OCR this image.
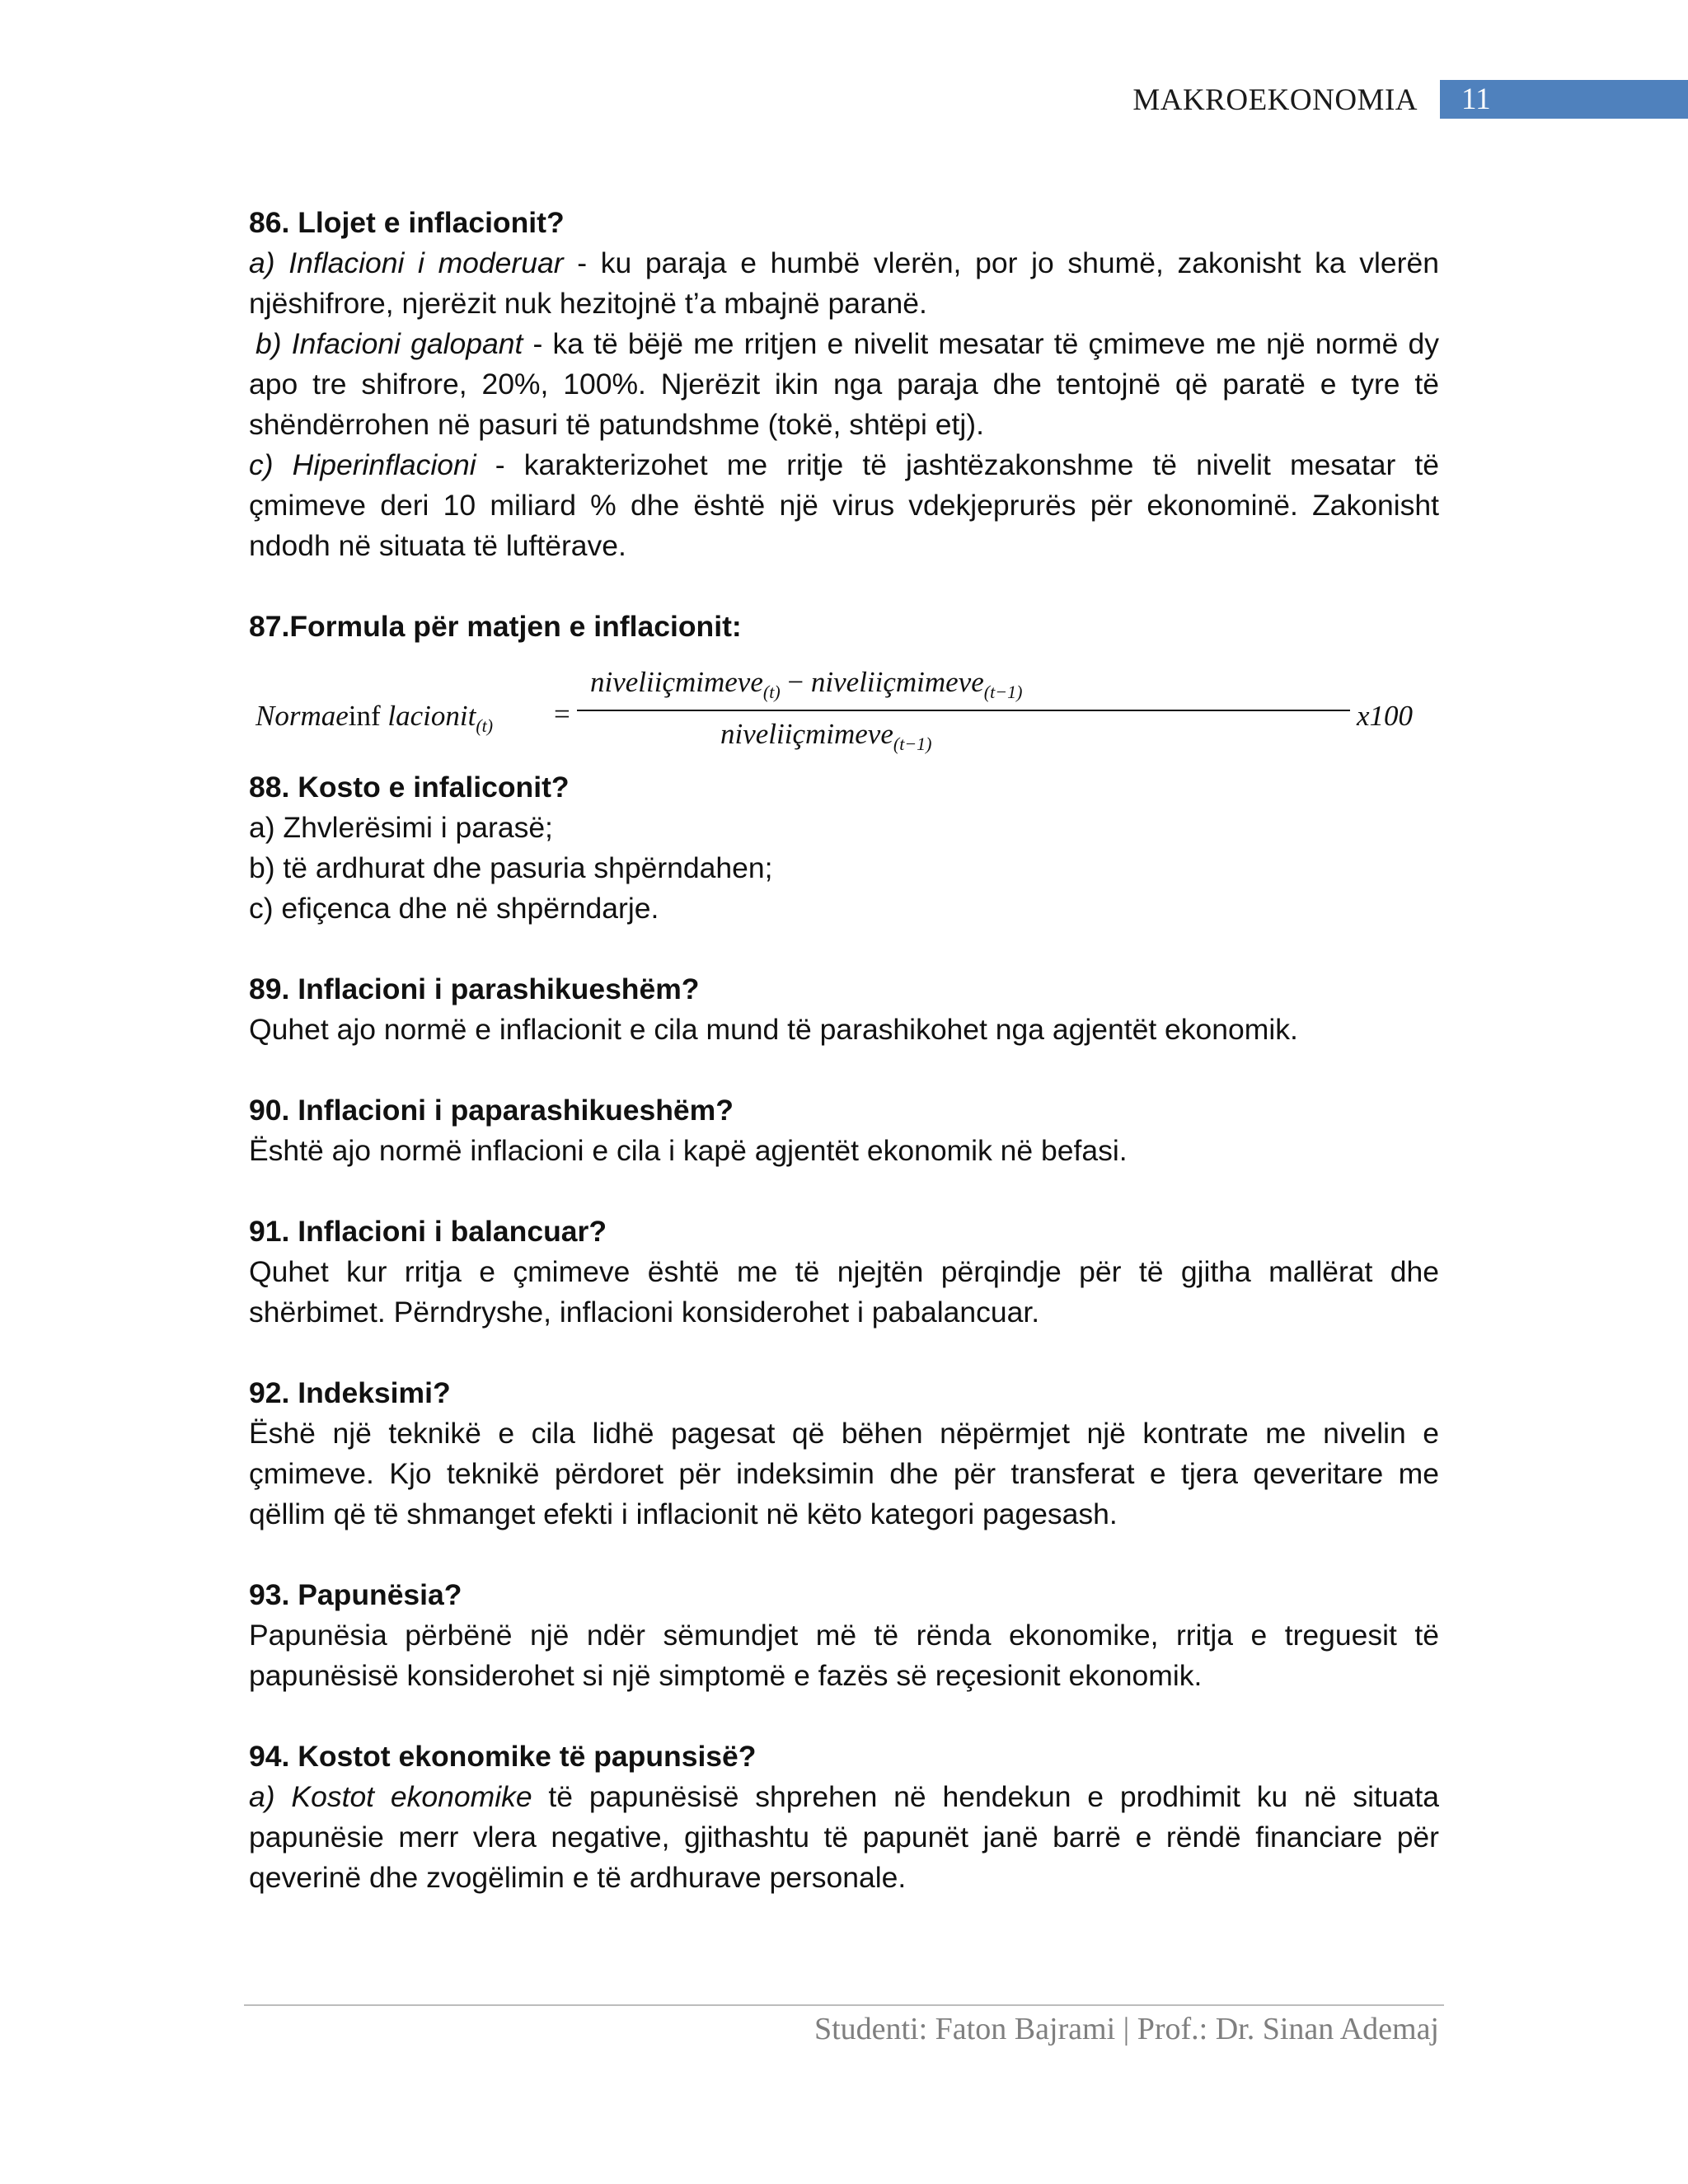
MAKROEKONOMIA 11
86. Llojet e inflacionit?
a) Inflacioni i moderuar - ku paraja e humbë vlerën, por jo shumë, zakonisht ka vlerën njëshifrore, njerëzit nuk hezitojnë t’a mbajnë paranë.
b) Infacioni galopant - ka të bëjë me rritjen e nivelit mesatar të çmimeve me një normë dy apo tre shifrore, 20%, 100%. Njerëzit ikin nga paraja dhe tentojnë që paratë e tyre të shëndërrohen në pasuri të patundshme (tokë, shtëpi etj).
c) Hiperinflacioni - karakterizohet me rritje të jashtëzakonshme të nivelit mesatar të çmimeve deri 10 miliard % dhe është një virus vdekjeprurës për ekonominë. Zakonisht ndodh në situata të luftërave.
87.Formula për matjen e inflacionit:
Normaeinf lacionit$_{(t)}$ =
niveliiçmimeve$_{(t)}$ − niveliiçmimeve$_{(t-1)}$
niveliiçmimeve$_{(t-1)}$
x100
88. Kosto e infaliconit?
a) Zhvlerësimi i parasë;
b) të ardhurat dhe pasuria shpërndahen;
c) efiçenca dhe në shpërndarje.
89. Inflacioni i parashikueshëm?
Quhet ajo normë e inflacionit e cila mund të parashikohet nga agjentët ekonomik.
90. Inflacioni i paparashikueshëm?
Është ajo normë inflacioni e cila i kapë agjentët ekonomik në befasi.
91. Inflacioni i balancuar?
Quhet kur rritja e çmimeve është me të njejtën përqindje për të gjitha mallërat dhe shërbimet. Përndryshe, inflacioni konsiderohet i pabalancuar.
92. Indeksimi?
Ëshë një teknikë e cila lidhë pagesat që bëhen nëpërmjet një kontrate me nivelin e çmimeve. Kjo teknikë përdoret për indeksimin dhe për transferat e tjera qeveritare me qëllim që të shmanget efekti i inflacionit në këto kategori pagesash.
93. Papunësia?
Papunësia përbënë një ndër sëmundjet më të rënda ekonomike, rritja e treguesit të papunësisë konsiderohet si një simptomë e fazës së reçesionit ekonomik.
94. Kostot ekonomike të papunsisë?
a) Kostot ekonomike të papunësisë shprehen në hendekun e prodhimit ku në situata papunësie merr vlera negative, gjithashtu të papunët janë barrë e rëndë financiare për qeverinë dhe zvogëlimin e të ardhurave personale.
Studenti: Faton Bajrami | Prof.: Dr. Sinan Ademaj
